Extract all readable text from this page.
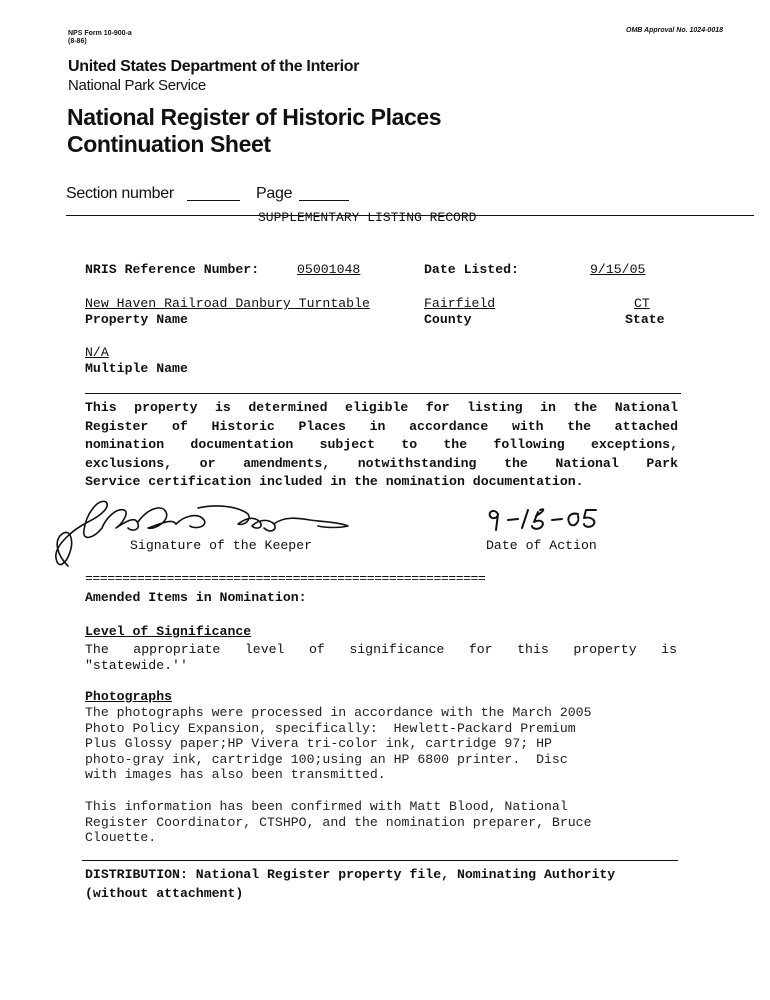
NPS Form 10-900-a
(8-86)
OMB Approval No. 1024-0018
United States Department of the Interior
National Park Service
National Register of Historic Places
Continuation Sheet
Section number	Page
SUPPLEMENTARY LISTING RECORD
NRIS Reference Number:	05001048	Date Listed:	9/15/05
New Haven Railroad Danbury Turntable	Fairfield	CT
Property Name	County	State
N/A
Multiple Name
This property is determined eligible for listing in the National
Register of Historic Places in accordance with the attached
nomination documentation subject to the following exceptions,
exclusions, or amendments, notwithstanding the National Park
Service certification included in the nomination documentation.
Signature of the Keeper	Date of Action
======================================================
Amended Items in Nomination:
Level of Significance
The appropriate level of significance for this property is
"statewide.''
Photographs
The photographs were processed in accordance with the March 2005
Photo Policy Expansion, specifically:  Hewlett-Packard Premium
Plus Glossy paper;HP Vivera tri-color ink, cartridge 97; HP
photo-gray ink, cartridge 100;using an HP 6800 printer.  Disc
with images has also been transmitted.
This information has been confirmed with Matt Blood, National
Register Coordinator, CTSHPO, and the nomination preparer, Bruce
Clouette.
DISTRIBUTION: National Register property file, Nominating Authority
(without attachment)
